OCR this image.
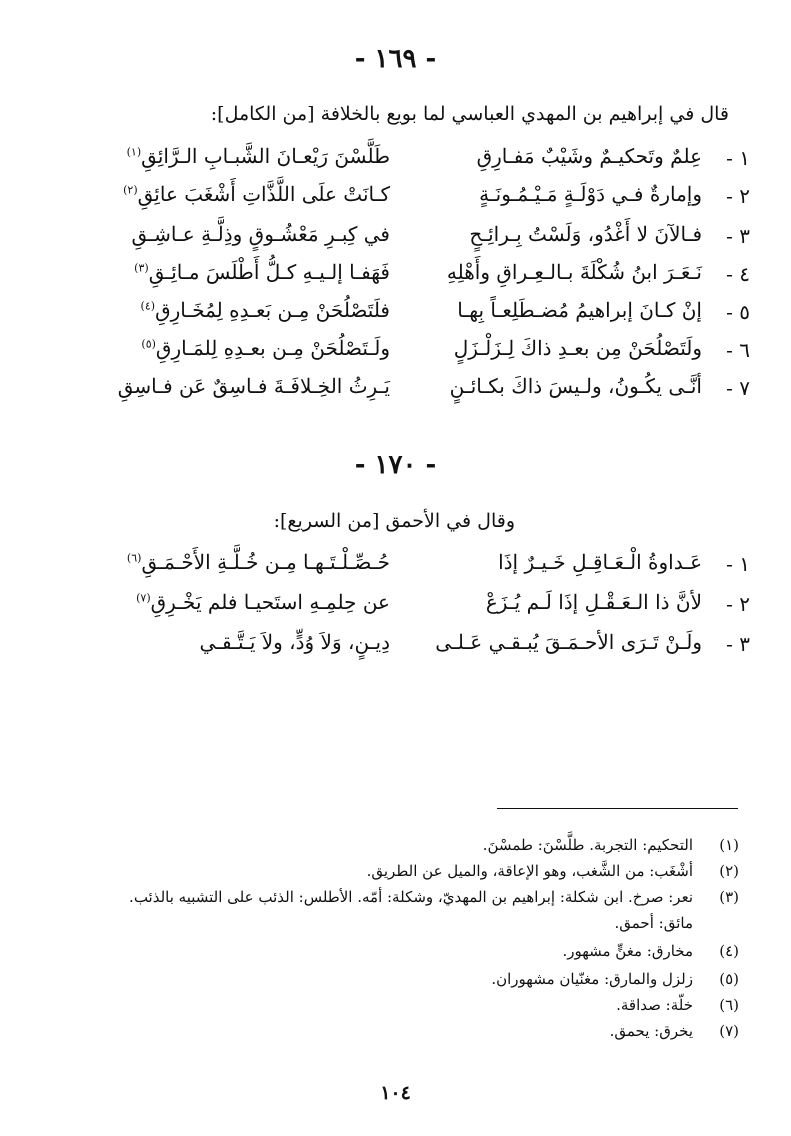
- ١٦٩ -
قال في إبراهيم بن المهدي العباسي لما بويع بالخلافة [من الكامل]:
١ -
عِلمٌ وتَحكيـمٌ وشَيْبٌ مَفـارِقِ
طَلَّسْنَ رَيْعـانَ الشَّبـابِ الـرَّائِقِ$^{(١)}$
٢ -
وإمارةٌ فـي دَوْلَـةٍ مَـيْـمُـونَـةٍ
كـانَتْ علَى اللَّذَّاتِ أَشْغَبَ عائِقِ$^{(٢)}$
٣ -
فـالآنَ لا أَغْدُو، وَلَسْتُ بِـرائِـحٍ
في كِبـرِ مَعْشُـوقٍ وذِلَّـةِ عـاشِـقِ
٤ -
نَـعَـرَ ابنُ شُكْلَةَ بـالـعِـراقِ وأَهْلِهِ
فَهَفـا إلـيـهِ كـلُّ أَطْلَسَ مـائِـقِ$^{(٣)}$
٥ -
إنْ كـانَ إبراهيمُ مُضـطَلِعـاً بِهـا
فلَتَصْلُحَنْ مِـن بَعـدِهِ لِمُخَـارِقِ$^{(٤)}$
٦ -
ولَتَصْلُحَنْ مِن بعـدِ ذاكَ لِـزَلْـزَلٍ
ولَـتَصْلُحَنْ مِـن بعـدِهِ لِلمَـارِقِ$^{(٥)}$
٧ -
أنَّـى يكُـونُ، ولـيسَ ذاكَ بكـائـنٍ
يَـرِثُ الخِـلافَـةَ فـاسِقٌ عَن فـاسِقِ
- ١٧٠ -
وقال في الأحمق [من السريع]:
١ -
عَـداوةُ الْـعَـاقِـلِ خَـيـرٌ إذَا
حُـصِّـلْـتَـهـا مِـن خُـلَّـةِ الأَحْـمَـقِ$^{(٦)}$
٢ -
لأنَّ ذا الـعَـقْـلِ إذَا لَـم يُـزَعْ
عن حِلمِـهِ استَحيـا فلم يَخْـرِقِ$^{(٧)}$
٣ -
ولَـنْ تَـرَى الأحـمَـقَ يُبـقـي عَـلـى
دِيـنٍ، وَلاَ وُدٍّ، ولاَ يَـتَّـقـي
(١)التحكيم: التجربة. طلَّسْنَ: طمسْنَ.
(٢)أشْغَب: من الشَّغب، وهو الإعاقة، والميل عن الطريق.
(٣)نعر: صرخ. ابن شكلة: إبراهيم بن المهديّ، وشكلة: أمّه. الأطلس: الذئب على التشبيه بالذئب.
مائق: أحمق.
(٤)مخارق: مغنٍّ مشهور.
(٥)زلزل والمارق: مغنّيان مشهوران.
(٦)خلّة: صداقة.
(٧)يخرق: يحمق.
١٠٤
